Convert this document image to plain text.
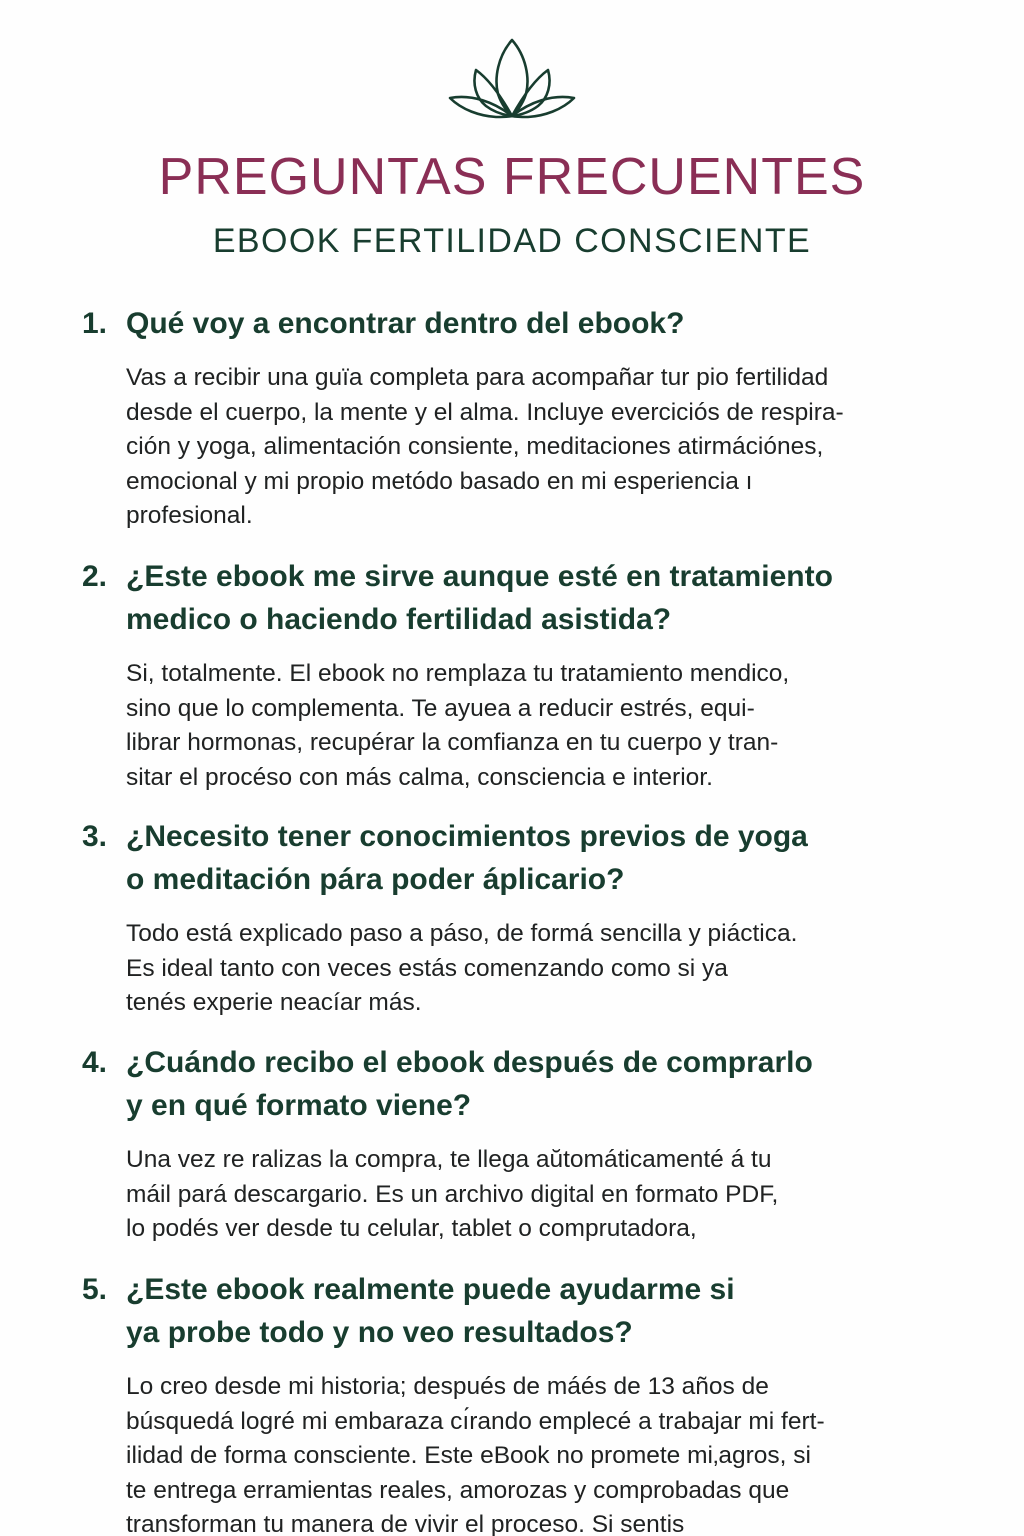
PREGUNTAS FRECUENTES
EBOOK FERTILIDAD CONSCIENTE
1. Qué voy a encontrar dentro del ebook?

Vas a recibir una guïa completa para acompañar tur pio fertilidad
desde el cuerpo, la mente y el alma. Incluye everciciós de respira-
ción y yoga, alimentación consiente, meditaciones atirmációnes,
emocional y mi propio metódo basado en mi esperiencia ı
profesional.

2. ¿Este ebook me sirve aunque esté en tratamiento
medico o haciendo fertilidad asistida?

Si, totalmente. El ebook no remplaza tu tratamiento mendico,
sino que lo complementa. Te ayuea a reducir estrés, equi-
librar hormonas, recupérar la comfianza en tu cuerpo y tran-
sitar el procéso con más calma, consciencia e interior.

3. ¿Necesito tener conocimientos previos de yoga
o meditación pára poder áplicario?

Todo está explicado paso a páso, de formá sencilla y piáctica.
Es ideal tanto con veces estás comenzando como si ya
tenés experie neacíar más.

4. ¿Cuándo recibo el ebook después de comprarlo
y en qué formato viene?

Una vez re ralizas la compra, te llega aŭtomáticamenté á tu
máil pará descargario. Es un archivo digital en formato PDF,
lo podés ver desde tu celular, tablet o comprutadora,

5. ¿Este ebook realmente puede ayudarme si
ya probe todo y no veo resultados?

Lo creo desde mi historia; después de máés de 13 años de
búsquedá logré mi embaraza cı́rando emplecé a trabajar mi fert-
ilidad de forma consciente. Este eBook no promete mi‚agros, si
te entrega erramientas reales, amorozas y comprobadas que
transforman tu manera de vivir el proceso. Si sentis
